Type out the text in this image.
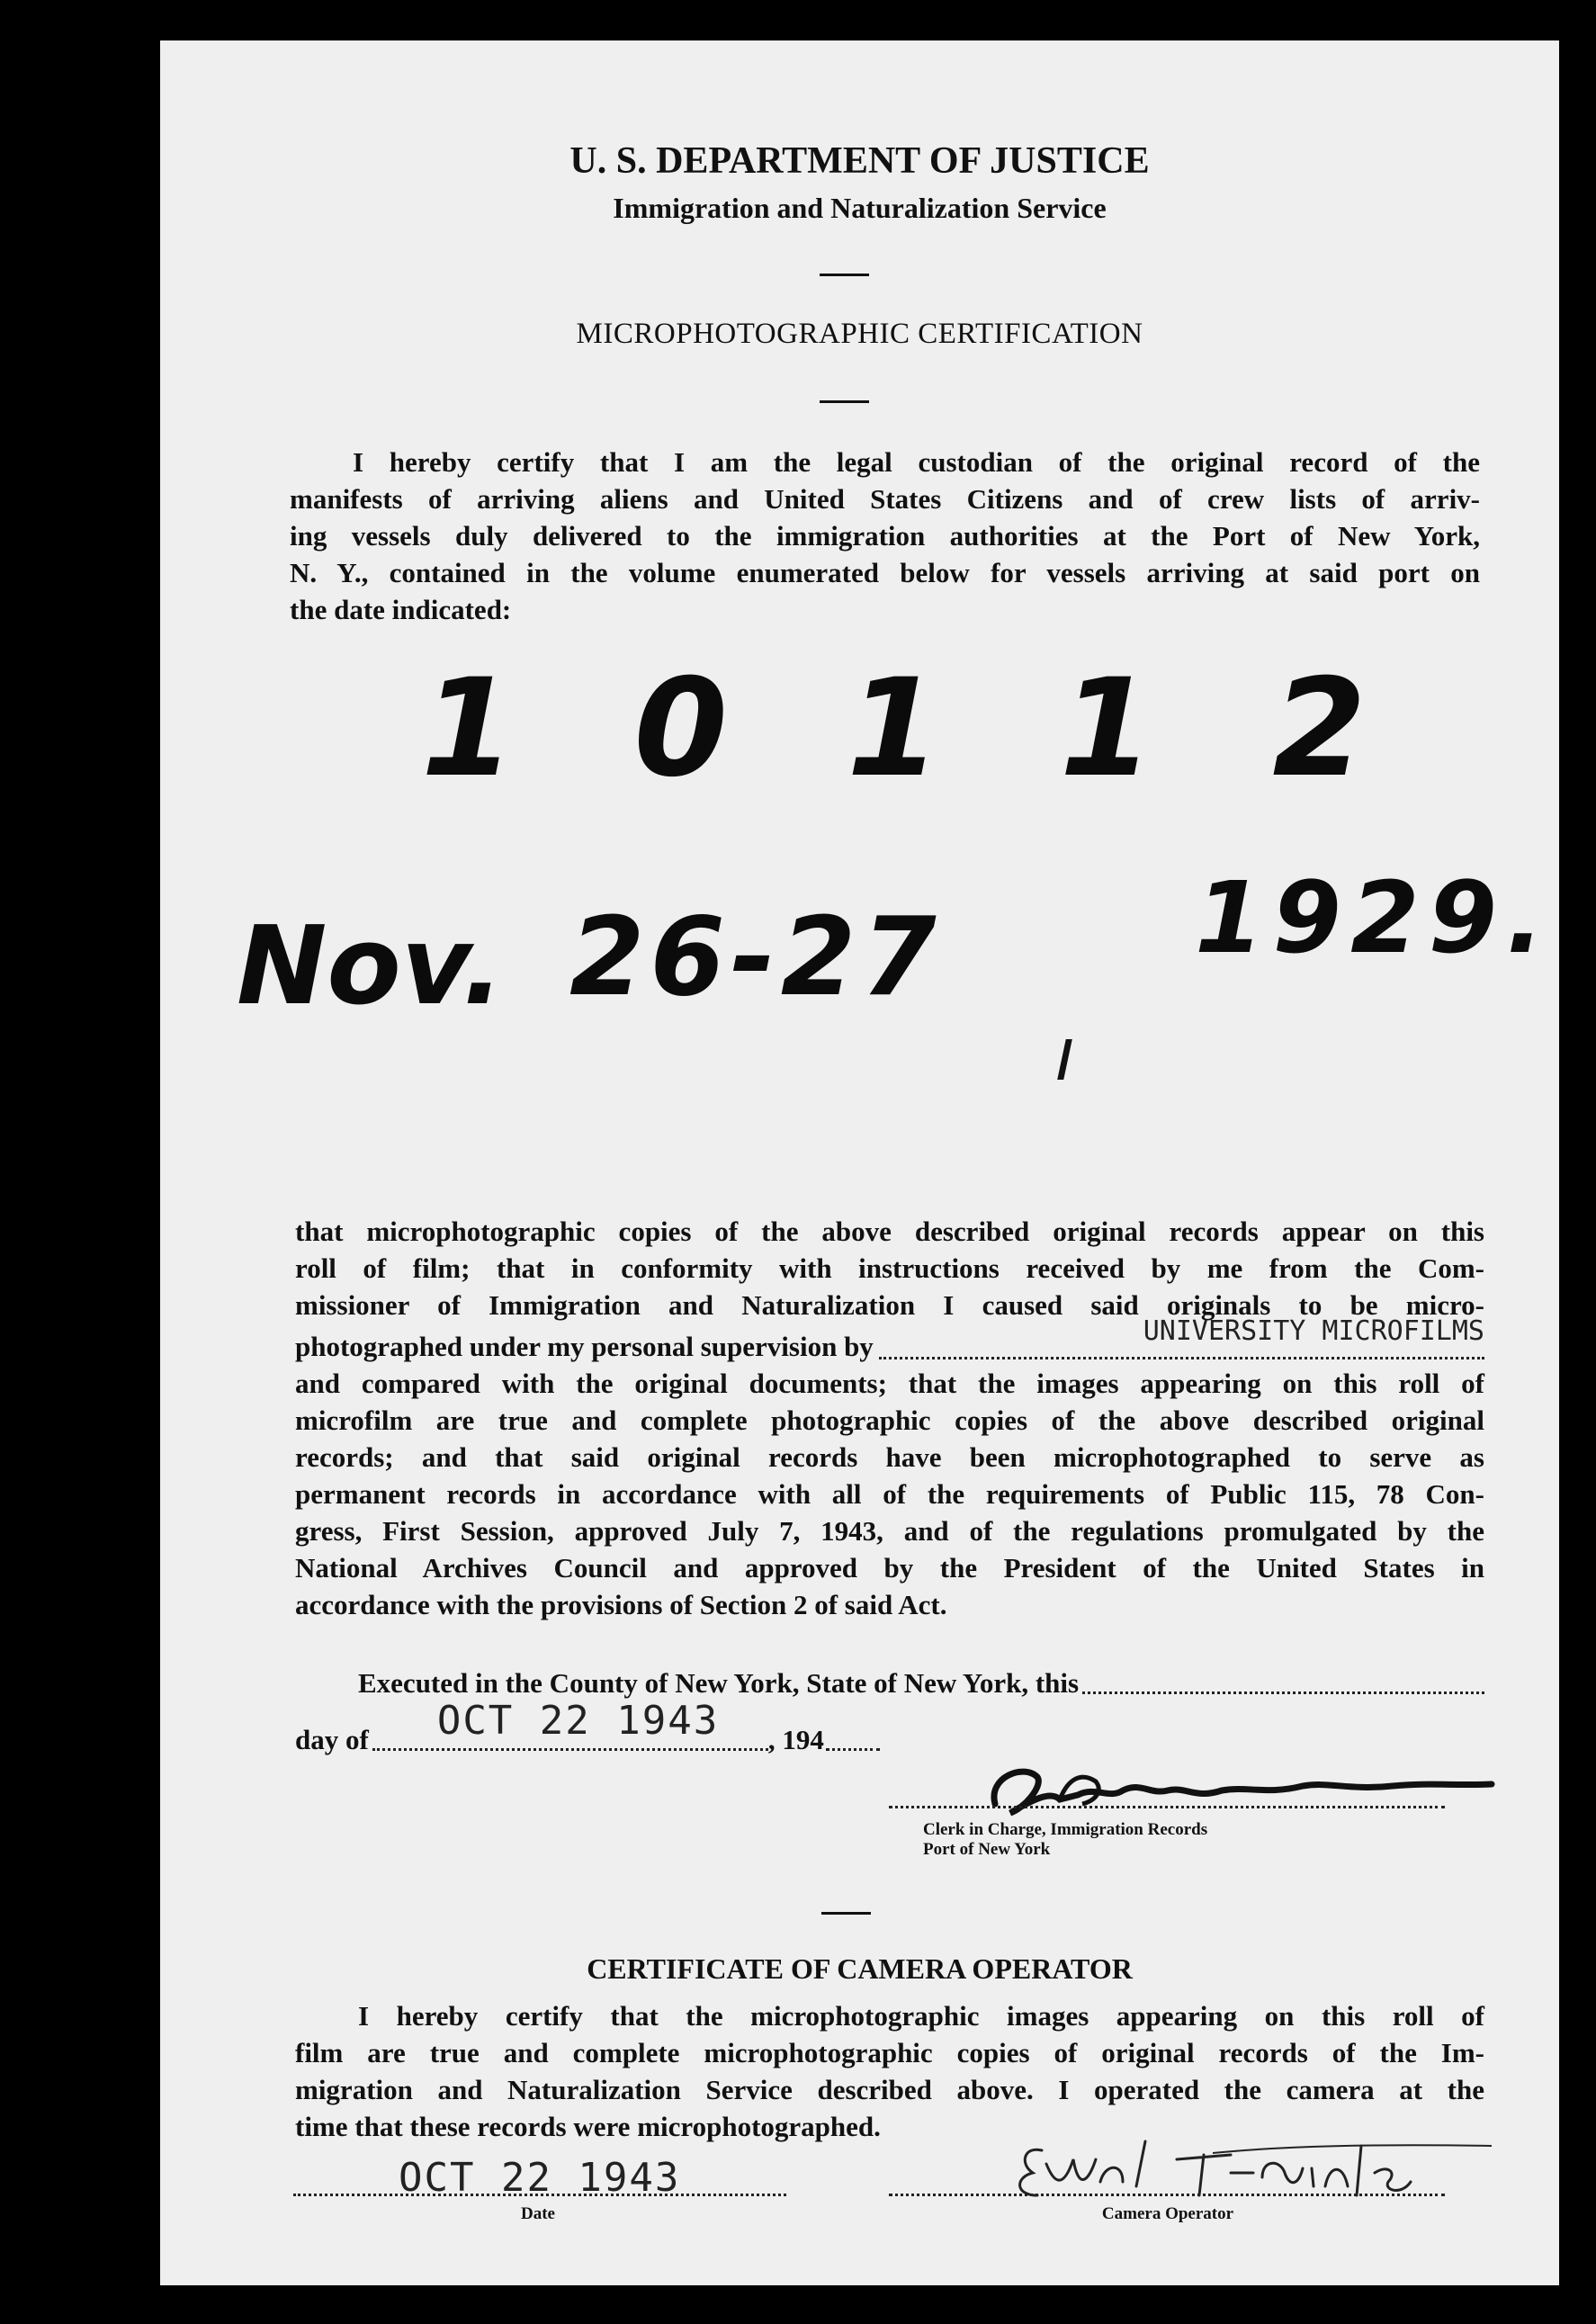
U. S. DEPARTMENT OF JUSTICE
Immigration and Naturalization Service
MICROPHOTOGRAPHIC CERTIFICATION
I hereby certify that I am the legal custodian of the original record of the
manifests of arriving aliens and United States Citizens and of crew lists of arriv-
ing vessels duly delivered to the immigration authorities at the Port of New York,
N. Y., contained in the volume enumerated below for vessels arriving at said port on
the date indicated:
1 0 1 1 2
Nov. 26-27	1929.
that microphotographic copies of the above described original records appear on this
roll of film; that in conformity with instructions received by me from the Com-
missioner of Immigration and Naturalization I caused said originals to be micro-
photographed under my personal supervision by	UNIVERSITY MICROFILMS
and compared with the original documents; that the images appearing on this roll of
microfilm are true and complete photographic copies of the above described original
records; and that said original records have been microphotographed to serve as
permanent records in accordance with all of the requirements of Public 115, 78 Con-
gress, First Session, approved July 7, 1943, and of the regulations promulgated by the
National Archives Council and approved by the President of the United States in
accordance with the provisions of Section 2 of said Act.
Executed in the County of New York, State of New York, this
day of OCT 22 1943 , 194
Clerk in Charge, Immigration Records
Port of New York
CERTIFICATE OF CAMERA OPERATOR
I hereby certify that the microphotographic images appearing on this roll of
film are true and complete microphotographic copies of original records of the Im-
migration and Naturalization Service described above. I operated the camera at the
time that these records were microphotographed.
OCT 22 1943
Date	Camera Operator
